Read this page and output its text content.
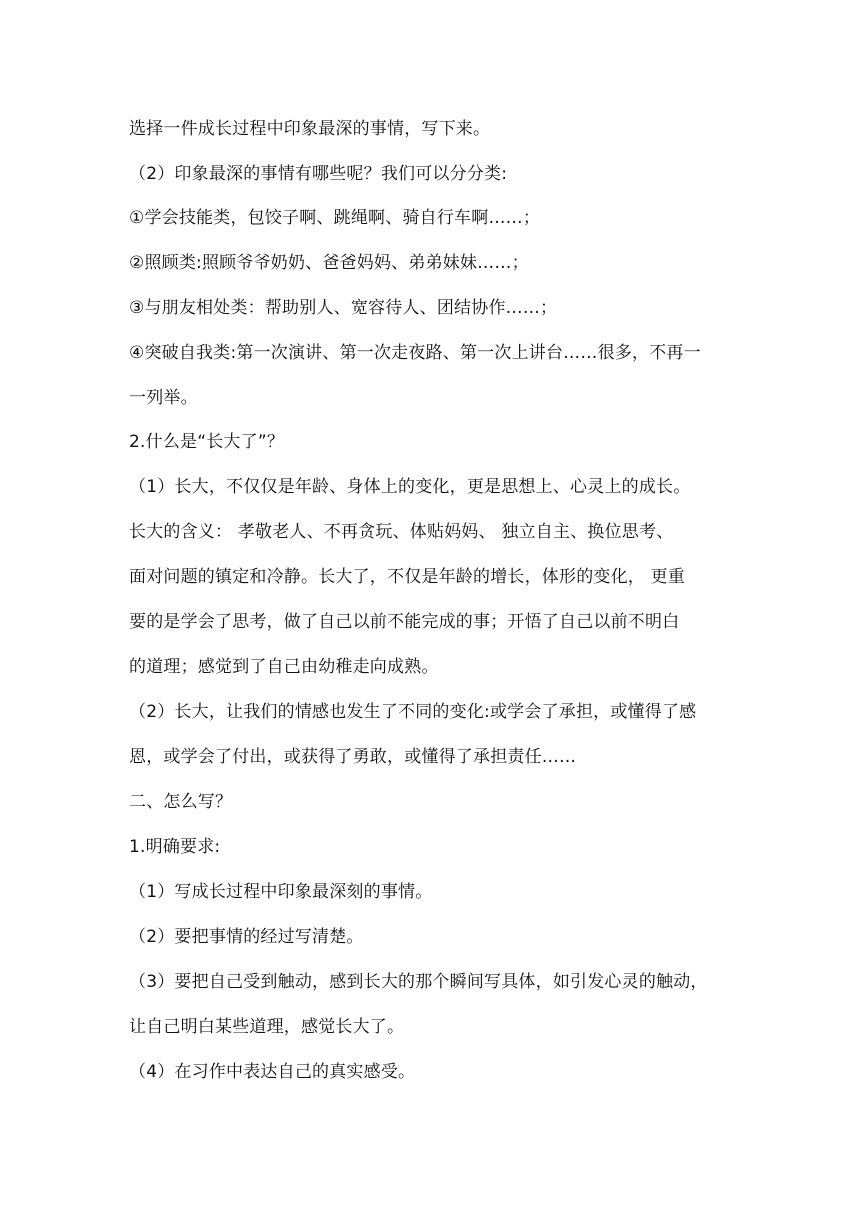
选择一件成长过程中印象最深的事情，写下来。
（2）印象最深的事情有哪些呢？我们可以分分类:
①学会技能类，包饺子啊、跳绳啊、骑自行车啊……；
②照顾类:照顾爷爷奶奶、爸爸妈妈、弟弟妹妹……；
③与朋友相处类：帮助别人、宽容待人、团结协作……；
④突破自我类:第一次演讲、第一次走夜路、第一次上讲台……很多，不再一
一列举。
2.什么是“长大了”？
（1）长大，不仅仅是年龄、身体上的变化，更是思想上、心灵上的成长。
长大的含义： 孝敬老人、不再贪玩、体贴妈妈、 独立自主、换位思考、
面对问题的镇定和冷静。长大了，不仅是年龄的增长，体形的变化， 更重
要的是学会了思考，做了自己以前不能完成的事；开悟了自己以前不明白
的道理；感觉到了自己由幼稚走向成熟。
（2）长大，让我们的情感也发生了不同的变化:或学会了承担，或懂得了感
恩，或学会了付出，或获得了勇敢，或懂得了承担责任……
二、怎么写？
1.明确要求:
（1）写成长过程中印象最深刻的事情。
（2）要把事情的经过写清楚。
（3）要把自己受到触动，感到长大的那个瞬间写具体，如引发心灵的触动，
让自己明白某些道理，感觉长大了。
（4）在习作中表达自己的真实感受。
